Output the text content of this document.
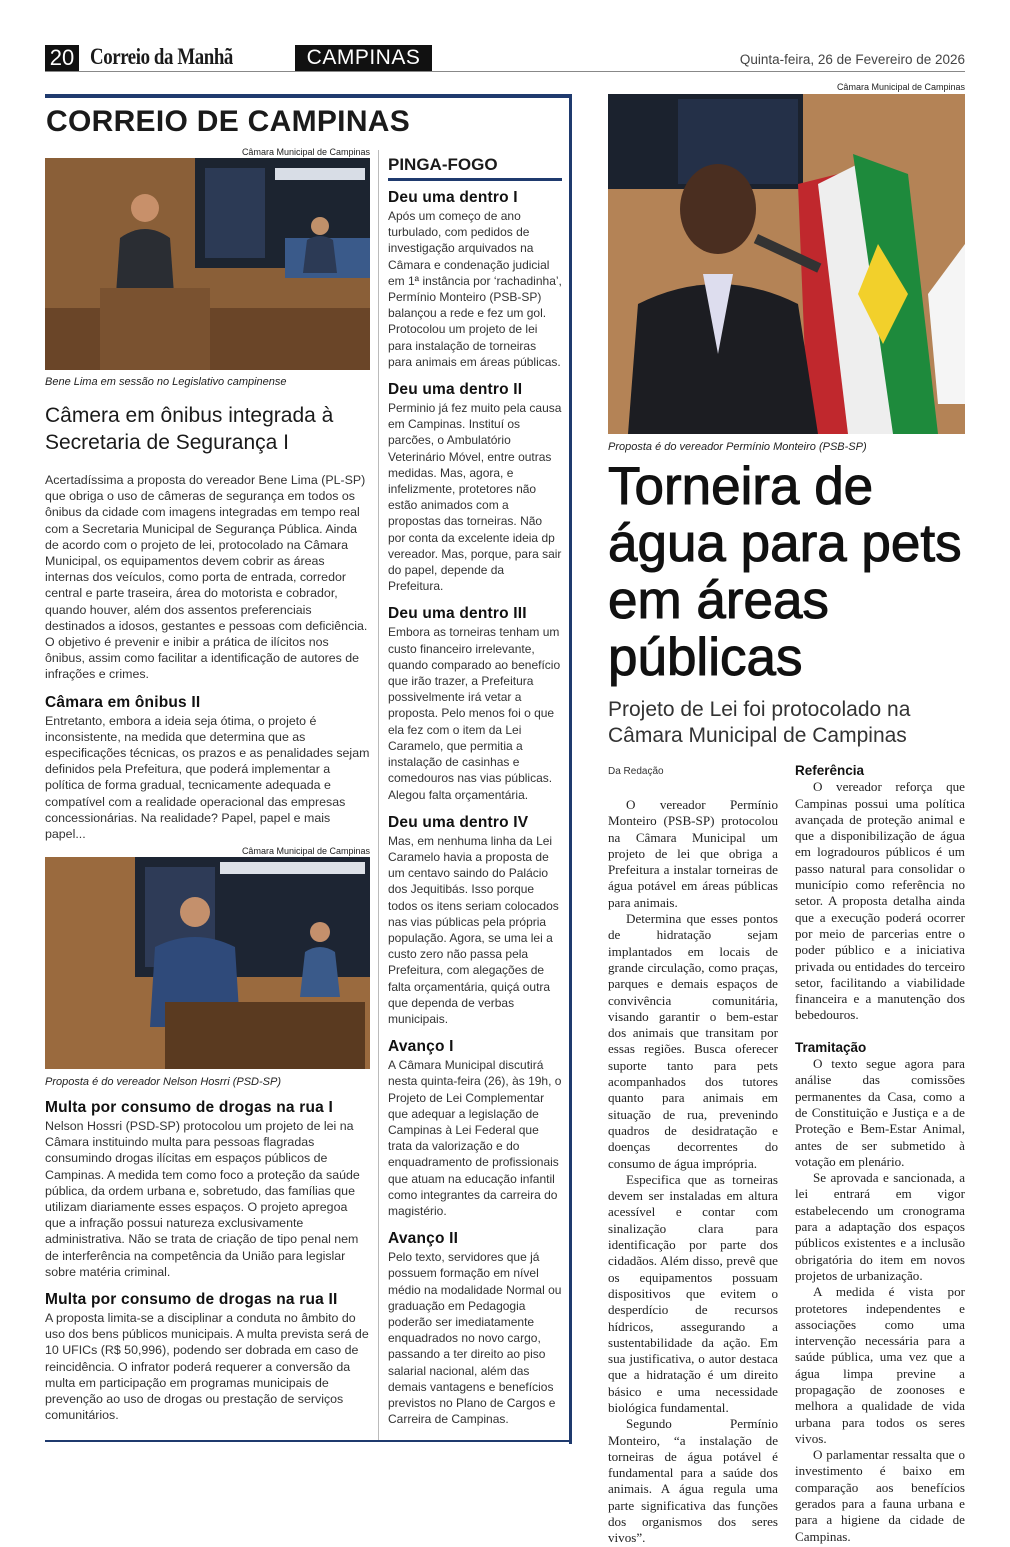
20 Correio da Manhã	CAMPINAS	Quinta-feira, 26 de Fevereiro de 2026
CORREIO DE CAMPINAS
Câmara Municipal de Campinas
Bene Lima em sessão no Legislativo campinense
Câmera em ônibus integrada à Secretaria de Segurança I

Acertadíssima a proposta do vereador Bene Lima (PL-SP) que obriga o uso de câmeras de segurança em todos os ônibus da cidade com imagens integradas em tempo real com a Secretaria Municipal de Segurança Pública. Ainda de acordo com o projeto de lei, protocolado na Câmara Municipal, os equipamentos devem cobrir as áreas internas dos veículos, como porta de entrada, corredor central e parte traseira, área do motorista e cobrador, quando houver, além dos assentos preferenciais destinados a idosos, gestantes e pessoas com deficiência. O objetivo é prevenir e inibir a prática de ilícitos nos ônibus, assim como facilitar a identificação de autores de infrações e crimes.

Câmara em ônibus II

Entretanto, embora a ideia seja ótima, o projeto é inconsistente, na medida que determina que as especificações técnicas, os prazos e as penalidades sejam definidos pela Prefeitura, que poderá implementar a política de forma gradual, tecnicamente adequada e compatível com a realidade operacional das empresas concessionárias. Na realidade? Papel, papel e mais papel...

Câmara Municipal de Campinas
Proposta é do vereador Nelson Hosrri (PSD-SP)
Multa por consumo de drogas na rua I

Nelson Hossri (PSD-SP) protocolou um projeto de lei na Câmara instituindo multa para pessoas flagradas consumindo drogas ilícitas em espaços públicos de Campinas. A medida tem como foco a proteção da saúde pública, da ordem urbana e, sobretudo, das famílias que utilizam diariamente esses espaços. O projeto apregoa que a infração possui natureza exclusivamente administrativa. Não se trata de criação de tipo penal nem de interferência na competência da União para legislar sobre matéria criminal.

Multa por consumo de drogas na rua II

A proposta limita-se a disciplinar a conduta no âmbito do uso dos bens públicos municipais. A multa prevista será de 10 UFICs (R$ 50,996), podendo ser dobrada em caso de reincidência. O infrator poderá requerer a conversão da multa em participação em programas municipais de prevenção ao uso de drogas ou prestação de serviços comunitários.

PINGA-FOGO
Deu uma dentro I

Após um começo de ano turbulado, com pedidos de investigação arquivados na Câmara e condenação judicial em 1ª instância por ‘rachadinha’, Permínio Monteiro (PSB-SP) balançou a rede e fez um gol. Protocolou um projeto de lei para instalação de torneiras para animais em áreas públicas.

Deu uma dentro II

Perminio já fez muito pela causa em Campinas. Instituí os parcões, o Ambulatório Veterinário Móvel, entre outras medidas. Mas, agora, e infelizmente, protetores não estão animados com a propostas das torneiras. Não por conta da excelente ideia dp vereador. Mas, porque, para sair do papel, depende da Prefeitura.

Deu uma dentro III

Embora as torneiras tenham um custo financeiro irrelevante, quando comparado ao benefício que irão trazer, a Prefeitura possivelmente irá vetar a proposta. Pelo menos foi o que ela fez com o item da Lei Caramelo, que permitia a instalação de casinhas e comedouros nas vias públicas. Alegou falta orçamentária.

Deu uma dentro IV

Mas, em nenhuma linha da Lei Caramelo havia a proposta de um centavo saindo do Palácio dos Jequitibás. Isso porque todos os itens seriam colocados nas vias públicas pela própria população. Agora, se uma lei a custo zero não passa pela Prefeitura, com alegações de falta orçamentária, quiçá outra que dependa de verbas municipais.

Avanço I

A Câmara Municipal discutirá nesta quinta-feira (26), às 19h, o Projeto de Lei Complementar que adequar a legislação de Campinas à Lei Federal que trata da valorização e do enquadramento de profissionais que atuam na educação infantil como integrantes da carreira do magistério.

Avanço II

Pelo texto, servidores que já possuem formação em nível médio na modalidade Normal ou graduação em Pedagogia poderão ser imediatamente enquadrados no novo cargo, passando a ter direito ao piso salarial nacional, além das demais vantagens e benefícios previstos no Plano de Cargos e Carreira de Campinas.

Câmara Municipal de Campinas
Proposta é do vereador Permínio Monteiro (PSB-SP)
Torneira de água para pets em áreas públicas
Projeto de Lei foi protocolado na Câmara Municipal de Campinas
Da Redação

O vereador Permínio Monteiro (PSB-SP) protocolou na Câmara Municipal um projeto de lei que obriga a Prefeitura a instalar torneiras de água potável em áreas públicas para animais.

Determina que esses pontos de hidratação sejam implantados em locais de grande circulação, como praças, parques e demais espaços de convivência comunitária, visando garantir o bem-estar dos animais que transitam por essas regiões. Busca oferecer suporte tanto para pets acompanhados dos tutores quanto para animais em situação de rua, prevenindo quadros de desidratação e doenças decorrentes do consumo de água imprópria.

Especifica que as torneiras devem ser instaladas em altura acessível e contar com sinalização clara para identificação por parte dos cidadãos. Além disso, prevê que os equipamentos possuam dispositivos que evitem o desperdício de recursos hídricos, assegurando a sustentabilidade da ação. Em sua justificativa, o autor destaca que a hidratação é um direito básico e uma necessidade biológica fundamental.

Segundo Permínio Monteiro, “a instalação de torneiras de água potável é fundamental para a saúde dos animais. A água regula uma parte significativa das funções dos organismos dos seres vivos”.

Referência

O vereador reforça que Campinas possui uma política avançada de proteção animal e que a disponibilização de água em logradouros públicos é um passo natural para consolidar o município como referência no setor. A proposta detalha ainda que a execução poderá ocorrer por meio de parcerias entre o poder público e a iniciativa privada ou entidades do terceiro setor, facilitando a viabilidade financeira e a manutenção dos bebedouros.

Tramitação

O texto segue agora para análise das comissões permanentes da Casa, como a de Constituição e Justiça e a de Proteção e Bem-Estar Animal, antes de ser submetido à votação em plenário.

Se aprovada e sancionada, a lei entrará em vigor estabelecendo um cronograma para a adaptação dos espaços públicos existentes e a inclusão obrigatória do item em novos projetos de urbanização.

A medida é vista por protetores independentes e associações como uma intervenção necessária para a saúde pública, uma vez que a água limpa previne a propagação de zoonoses e melhora a qualidade de vida urbana para todos os seres vivos.

O parlamentar ressalta que o investimento é baixo em comparação aos benefícios gerados para a fauna urbana e para a higiene da cidade de Campinas.
